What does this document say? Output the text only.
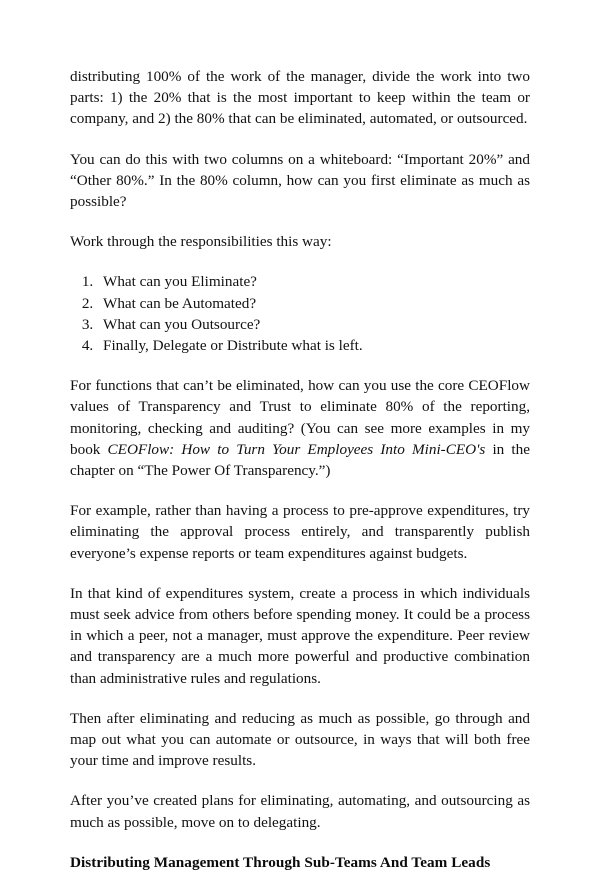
distributing 100% of the work of the manager, divide the work into two parts: 1) the 20% that is the most important to keep within the team or company, and 2) the 80% that can be eliminated, automated, or outsourced.

You can do this with two columns on a whiteboard: “Important 20%” and “Other 80%.” In the 80% column, how can you first eliminate as much as possible?

Work through the responsibilities this way:

1. What can you Eliminate?
2. What can be Automated?
3. What can you Outsource?
4. Finally, Delegate or Distribute what is left.

For functions that can’t be eliminated, how can you use the core CEOFlow values of Transparency and Trust to eliminate 80% of the reporting, monitoring, checking and auditing? (You can see more examples in my book CEOFlow: How to Turn Your Employees Into Mini-CEO's in the chapter on “The Power Of Transparency.”)

For example, rather than having a process to pre-approve expenditures, try eliminating the approval process entirely, and transparently publish everyone’s expense reports or team expenditures against budgets.

In that kind of expenditures system, create a process in which individuals must seek advice from others before spending money. It could be a process in which a peer, not a manager, must approve the expenditure. Peer review and transparency are a much more powerful and productive combination than administrative rules and regulations.

Then after eliminating and reducing as much as possible, go through and map out what you can automate or outsource, in ways that will both free your time and improve results.

After you’ve created plans for eliminating, automating, and outsourcing as much as possible, move on to delegating.

Distributing Management Through Sub-Teams And Team Leads
